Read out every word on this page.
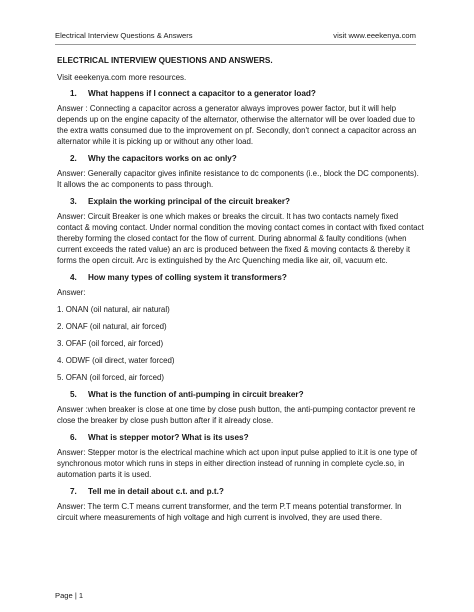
Electrical Interview Questions & Answers	visit www.eeekenya.com
ELECTRICAL INTERVIEW QUESTIONS AND ANSWERS.
Visit eeekenya.com more resources.
1.	What happens if I connect a capacitor to a generator load?
Answer : Connecting a capacitor across a generator always improves power factor, but it will help depends up on the engine capacity of the alternator, otherwise the alternator will be over loaded due to the extra watts consumed due to the improvement on pf. Secondly, don't connect a capacitor across an alternator while it is picking up or without any other load.
2.	Why the capacitors works on ac only?
Answer: Generally capacitor gives infinite resistance to dc components (i.e., block the DC components). It allows the ac components to pass through.
3.	Explain the working principal of the circuit breaker?
Answer: Circuit Breaker is one which makes or breaks the circuit. It has two contacts namely fixed contact & moving contact. Under normal condition the moving contact comes in contact with fixed contact thereby forming the closed contact for the flow of current. During abnormal & faulty conditions (when current exceeds the rated value) an arc is produced between the fixed & moving contacts & thereby it forms the open circuit. Arc is extinguished by the Arc Quenching media like air, oil, vacuum etc.
4.	How many types of colling system it transformers?
Answer:
1. ONAN (oil natural, air natural)
2. ONAF (oil natural, air forced)
3. OFAF (oil forced, air forced)
4. ODWF (oil direct, water forced)
5. OFAN (oil forced, air forced)
5.	What is the function of anti-pumping in circuit breaker?
Answer :when breaker is close at one time by close push button, the anti-pumping contactor prevent re close the breaker by close push button after if it already close.
6.	What is stepper motor? What is its uses?
Answer: Stepper motor is the electrical machine which act upon input pulse applied to it.it is one type of synchronous motor which runs in steps in either direction instead of running in complete cycle.so, in automation parts it is used.
7.	Tell me in detail about c.t. and p.t.?
Answer: The term C.T means current transformer, and the term P.T means potential transformer. In circuit where measurements of high voltage and high current is involved, they are used there.
Page | 1
